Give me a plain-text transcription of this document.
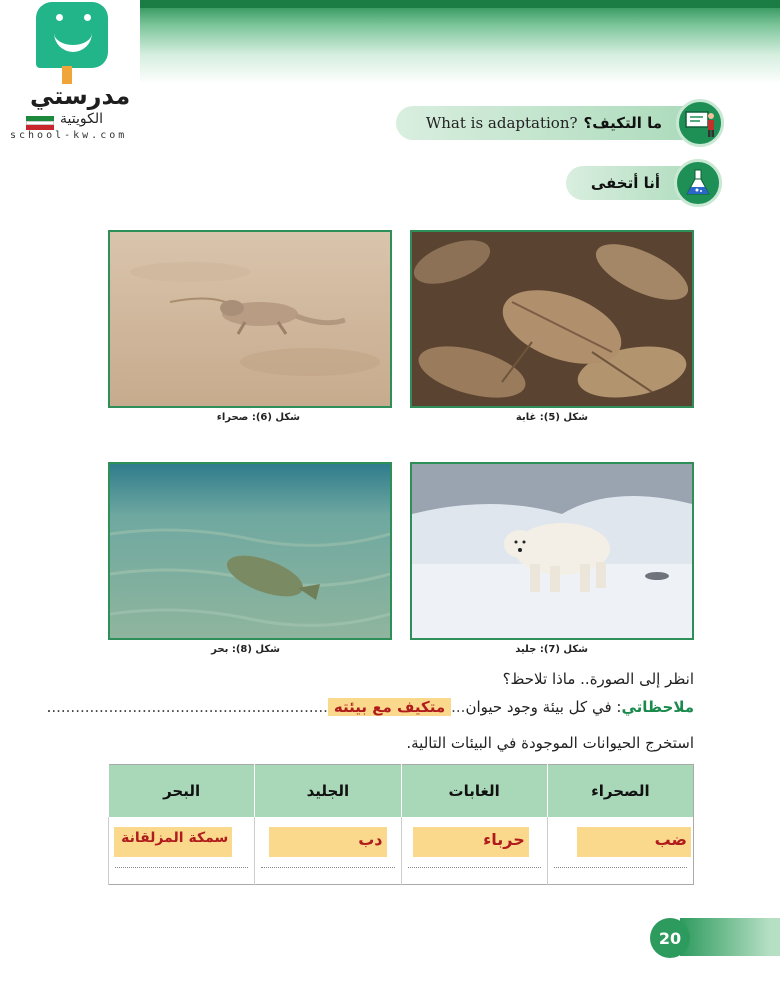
مدرستي
الكويتية
school-kw.com
ما التكيف؟
What is adaptation?
أنا أتخفى
شكل (6): صحراء	شكل (5): غابة
شكل (8): بحر	شكل (7): جليد
انظر إلى الصورة.. ماذا تلاحظ؟
ملاحظاتي: في كل بيئة وجود حيوان...متكيف مع بيئته...........................................................
استخرج الحيوانات الموجودة في البيئات التالية.
الصحراء	الغابات	الجليد	البحر

ضب	حرباء	دب	سمكة المزلقانة
20
